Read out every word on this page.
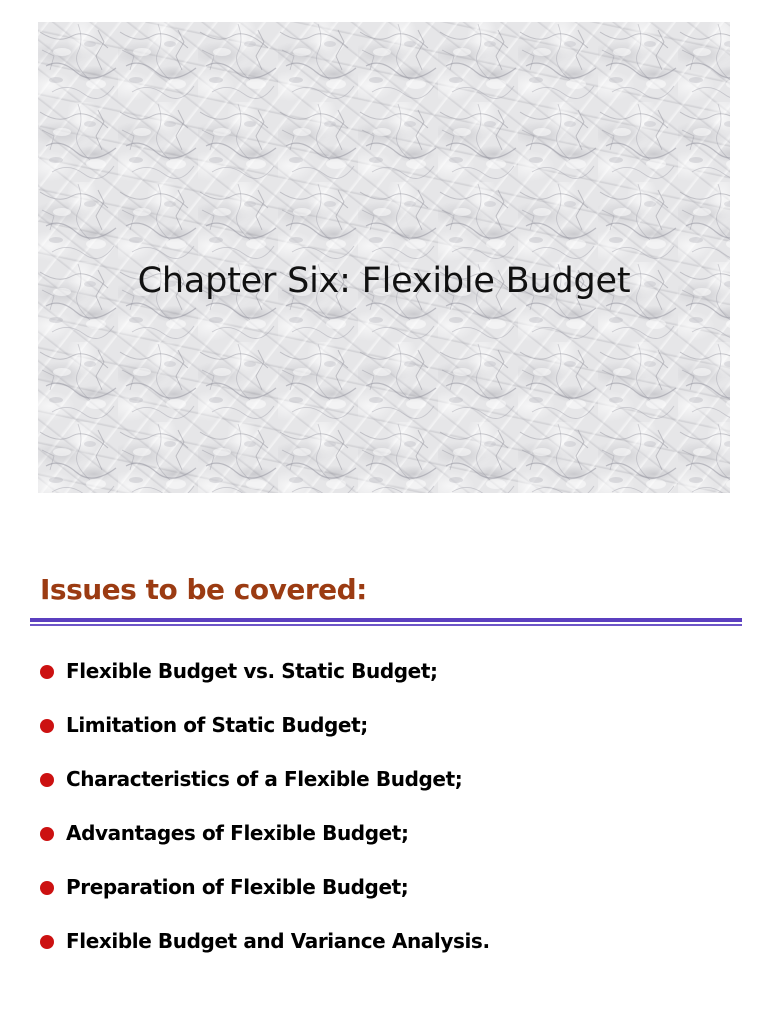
Chapter Six: Flexible Budget
Issues to be covered:
Flexible Budget vs. Static Budget;
Limitation of Static Budget;
Characteristics of a Flexible Budget;
Advantages of Flexible Budget;
Preparation of Flexible Budget;
Flexible Budget and Variance Analysis.
